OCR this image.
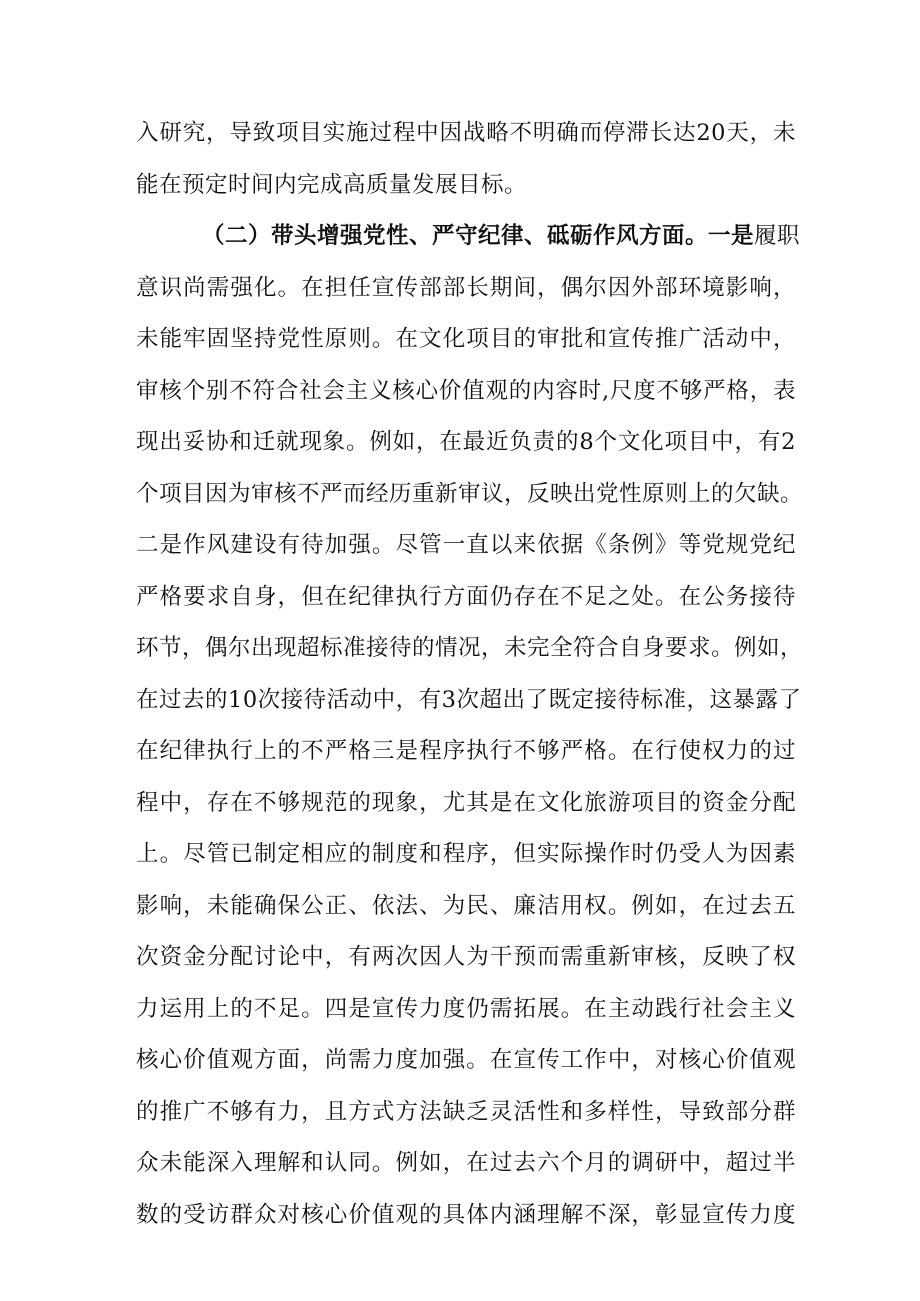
入研究，导致项目实施过程中因战略不明确而停滞长达20天，未
能在预定时间内完成高质量发展目标。
（二）带头增强党性、严守纪律、砥砺作风方面。一是履职
意识尚需强化。在担任宣传部部长期间，偶尔因外部环境影响，
未能牢固坚持党性原则。在文化项目的审批和宣传推广活动中，
审核个别不符合社会主义核心价值观的内容时,尺度不够严格，表
现出妥协和迁就现象。例如，在最近负责的8个文化项目中，有2
个项目因为审核不严而经历重新审议，反映出党性原则上的欠缺。
二是作风建设有待加强。尽管一直以来依据《条例》等党规党纪
严格要求自身，但在纪律执行方面仍存在不足之处。在公务接待
环节，偶尔出现超标准接待的情况，未完全符合自身要求。例如，
在过去的10次接待活动中，有3次超出了既定接待标准，这暴露了
在纪律执行上的不严格三是程序执行不够严格。在行使权力的过
程中，存在不够规范的现象，尤其是在文化旅游项目的资金分配
上。尽管已制定相应的制度和程序，但实际操作时仍受人为因素
影响，未能确保公正、依法、为民、廉洁用权。例如，在过去五
次资金分配讨论中，有两次因人为干预而需重新审核，反映了权
力运用上的不足。四是宣传力度仍需拓展。在主动践行社会主义
核心价值观方面，尚需力度加强。在宣传工作中，对核心价值观
的推广不够有力，且方式方法缺乏灵活性和多样性，导致部分群
众未能深入理解和认同。例如，在过去六个月的调研中，超过半
数的受访群众对核心价值观的具体内涵理解不深，彰显宣传力度
